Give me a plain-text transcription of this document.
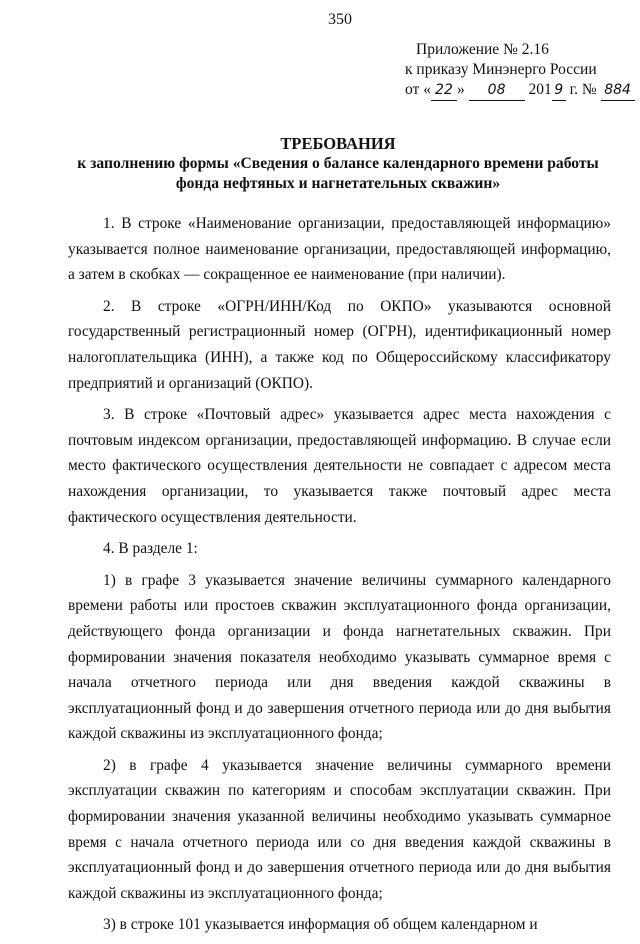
350
Приложение № 2.16
к приказу Минэнерго России
от « 22 » 08 201 9 г. № 884
ТРЕБОВАНИЯ
к заполнению формы «Сведения о балансе календарного времени работы
фонда нефтяных и нагнетательных скважин»

1. В строке «Наименование организации, предоставляющей информацию» указывается полное наименование организации, предоставляющей информацию, а затем в скобках — сокращенное ее наименование (при наличии).

2. В строке «ОГРН/ИНН/Код по ОКПО» указываются основной государственный регистрационный номер (ОГРН), идентификационный номер налогоплательщика (ИНН), а также код по Общероссийскому классификатору предприятий и организаций (ОКПО).

3. В строке «Почтовый адрес» указывается адрес места нахождения с почтовым индексом организации, предоставляющей информацию. В случае если место фактического осуществления деятельности не совпадает с адресом места нахождения организации, то указывается также почтовый адрес места фактического осуществления деятельности.

4. В разделе 1:

1) в графе 3 указывается значение величины суммарного календарного времени работы или простоев скважин эксплуатационного фонда организации, действующего фонда организации и фонда нагнетательных скважин. При формировании значения показателя необходимо указывать суммарное время с начала отчетного периода или дня введения каждой скважины в эксплуатационный фонд и до завершения отчетного периода или до дня выбытия каждой скважины из эксплуатационного фонда;

2) в графе 4 указывается значение величины суммарного времени эксплуатации скважин по категориям и способам эксплуатации скважин. При формировании значения указанной величины необходимо указывать суммарное время с начала отчетного периода или со дня введения каждой скважины в эксплуатационный фонд и до завершения отчетного периода или до дня выбытия каждой скважины из эксплуатационного фонда;

3) в строке 101 указывается информация об общем календарном и
